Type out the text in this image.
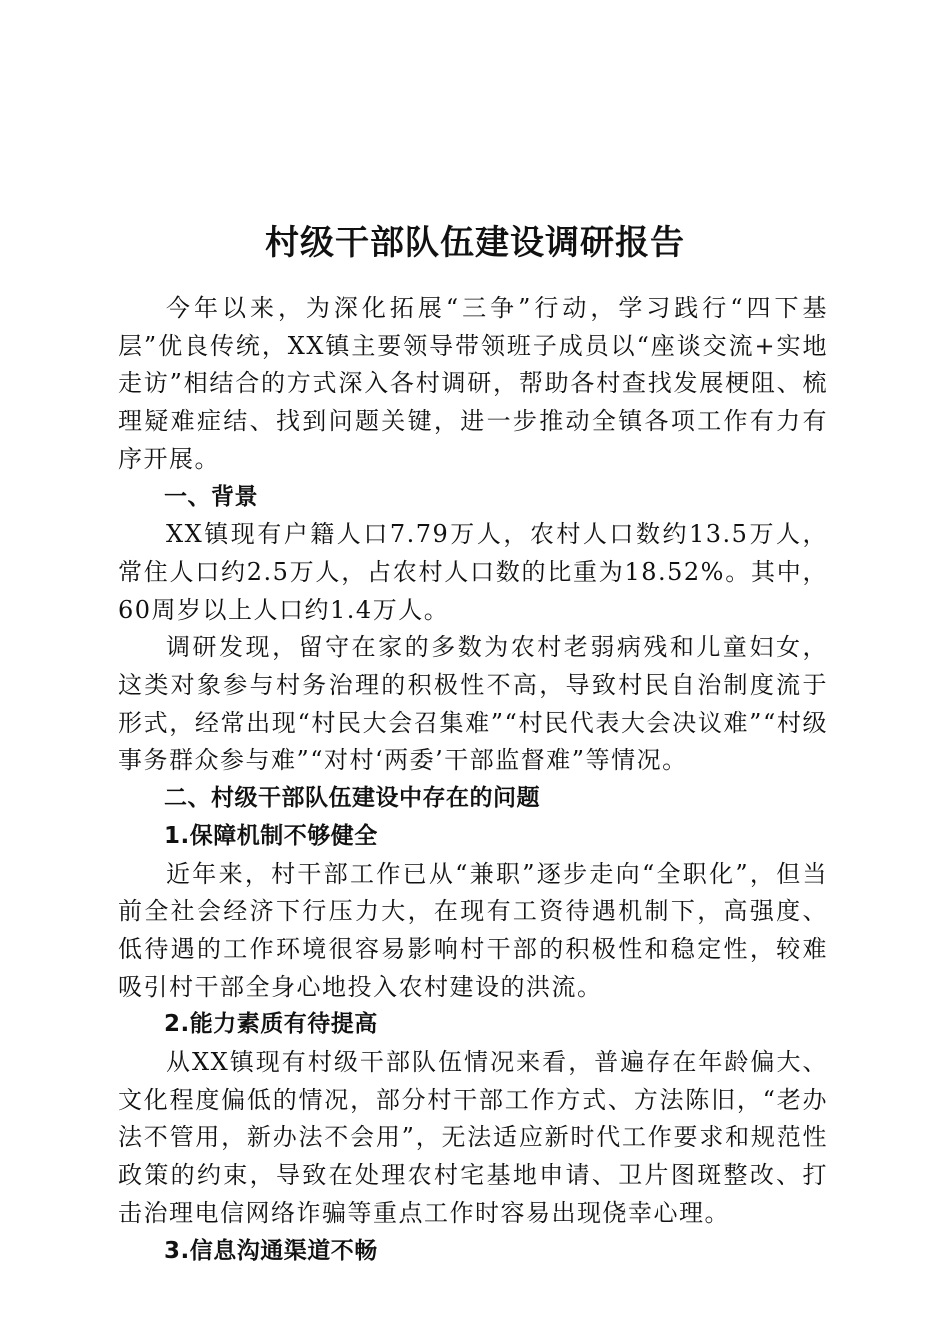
村级干部队伍建设调研报告

今年以来，为深化拓展“三争”行动，学习践行“四下基层”优良传统，XX镇主要领导带领班子成员以“座谈交流+实地走访”相结合的方式深入各村调研，帮助各村查找发展梗阻、梳理疑难症结、找到问题关键，进一步推动全镇各项工作有力有序开展。

一、背景

XX镇现有户籍人口7.79万人，农村人口数约13.5万人，常住人口约2.5万人，占农村人口数的比重为18.52%。其中，60周岁以上人口约1.4万人。

调研发现，留守在家的多数为农村老弱病残和儿童妇女，这类对象参与村务治理的积极性不高，导致村民自治制度流于形式，经常出现“村民大会召集难”“村民代表大会决议难”“村级事务群众参与难”“对村‘两委’干部监督难”等情况。

二、村级干部队伍建设中存在的问题

1.保障机制不够健全

近年来，村干部工作已从“兼职”逐步走向“全职化”，但当前全社会经济下行压力大，在现有工资待遇机制下，高强度、低待遇的工作环境很容易影响村干部的积极性和稳定性，较难吸引村干部全身心地投入农村建设的洪流。

2.能力素质有待提高

从XX镇现有村级干部队伍情况来看，普遍存在年龄偏大、文化程度偏低的情况，部分村干部工作方式、方法陈旧，“老办法不管用，新办法不会用”，无法适应新时代工作要求和规范性政策的约束，导致在处理农村宅基地申请、卫片图斑整改、打击治理电信网络诈骗等重点工作时容易出现侥幸心理。

3.信息沟通渠道不畅
